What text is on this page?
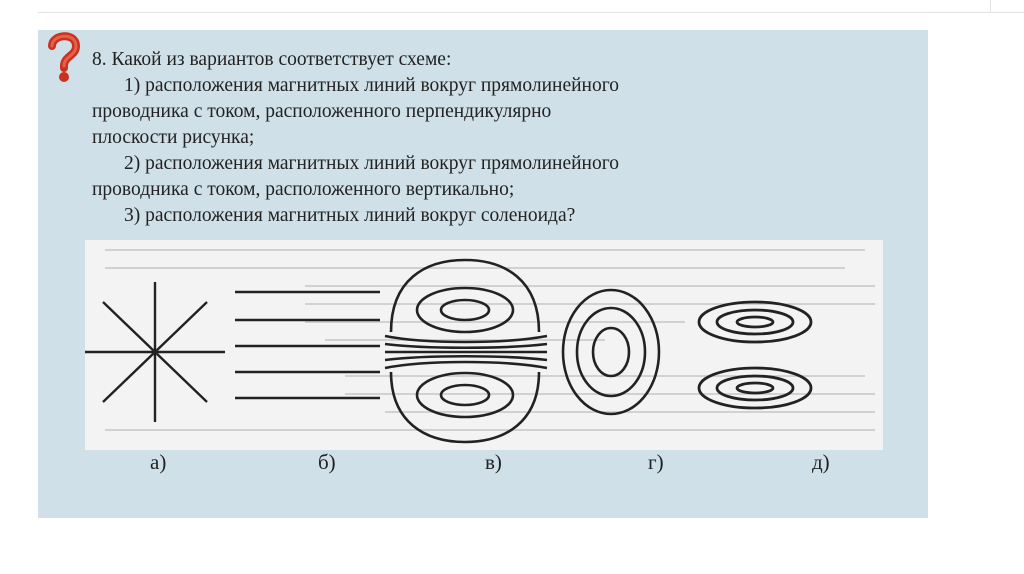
8. Какой из вариантов соответствует схеме:
1) расположения магнитных линий вокруг прямолинейного
проводника с током, расположенного перпендикулярно
плоскости рисунка;
2) расположения магнитных линий вокруг прямолинейного
проводника с током, расположенного вертикально;
3) расположения магнитных линий вокруг соленоида?

а)	б)	в)	г)	д)
